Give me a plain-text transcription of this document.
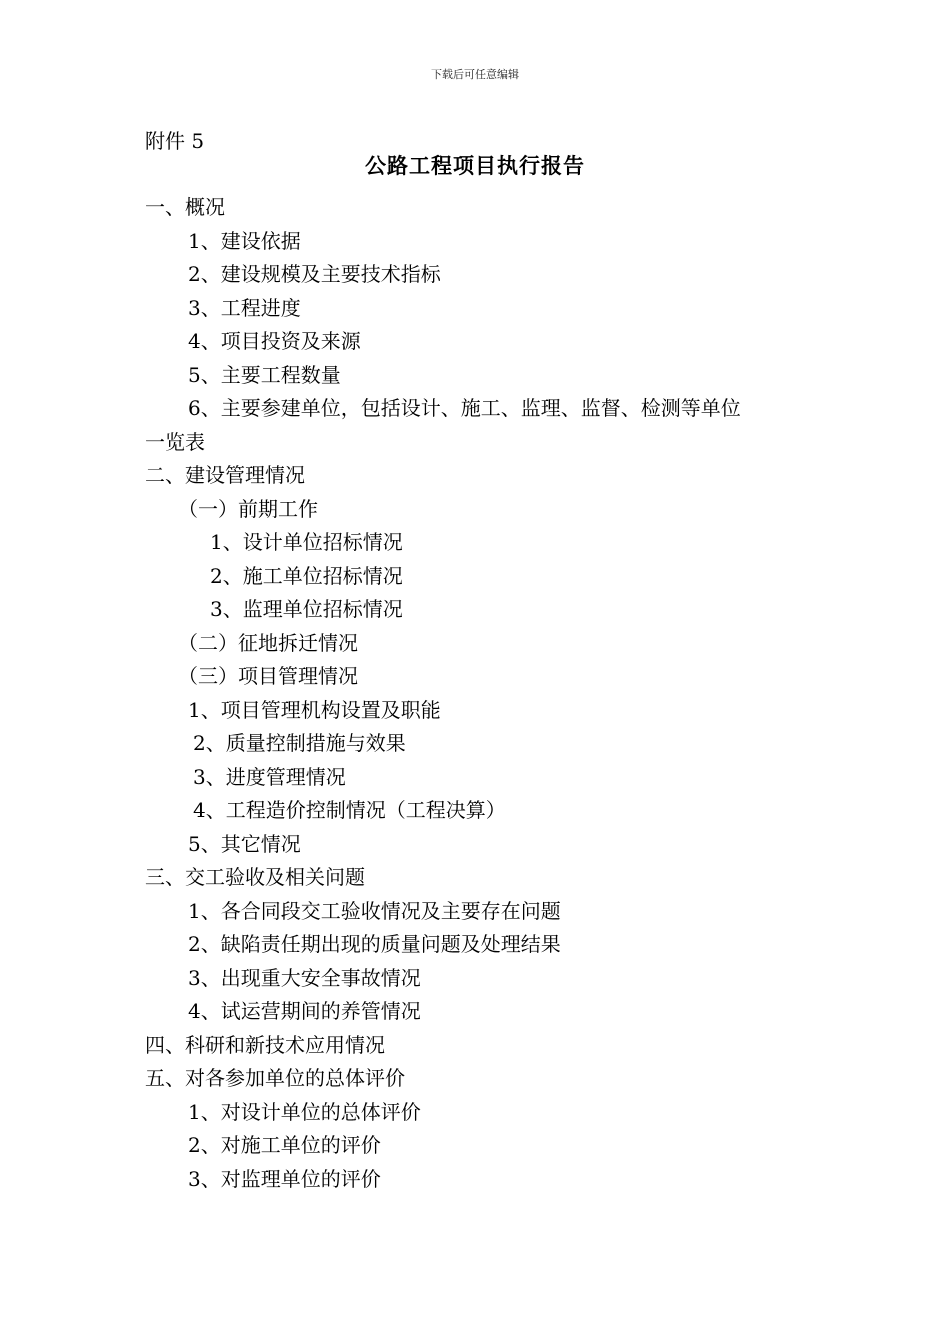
下载后可任意编辑
附件 5
公路工程项目执行报告
一、概况
1、建设依据
2、建设规模及主要技术指标
3、工程进度
4、项目投资及来源
5、主要工程数量
6、主要参建单位，包括设计、施工、监理、监督、检测等单位
一览表
二、建设管理情况
（一）前期工作
1、设计单位招标情况
2、施工单位招标情况
3、监理单位招标情况
（二）征地拆迁情况
（三）项目管理情况
1、项目管理机构设置及职能
2、质量控制措施与效果
3、进度管理情况
4、工程造价控制情况（工程决算）
5、其它情况
三、交工验收及相关问题
1、各合同段交工验收情况及主要存在问题
2、缺陷责任期出现的质量问题及处理结果
3、出现重大安全事故情况
4、试运营期间的养管情况
四、科研和新技术应用情况
五、对各参加单位的总体评价
1、对设计单位的总体评价
2、对施工单位的评价
3、对监理单位的评价
